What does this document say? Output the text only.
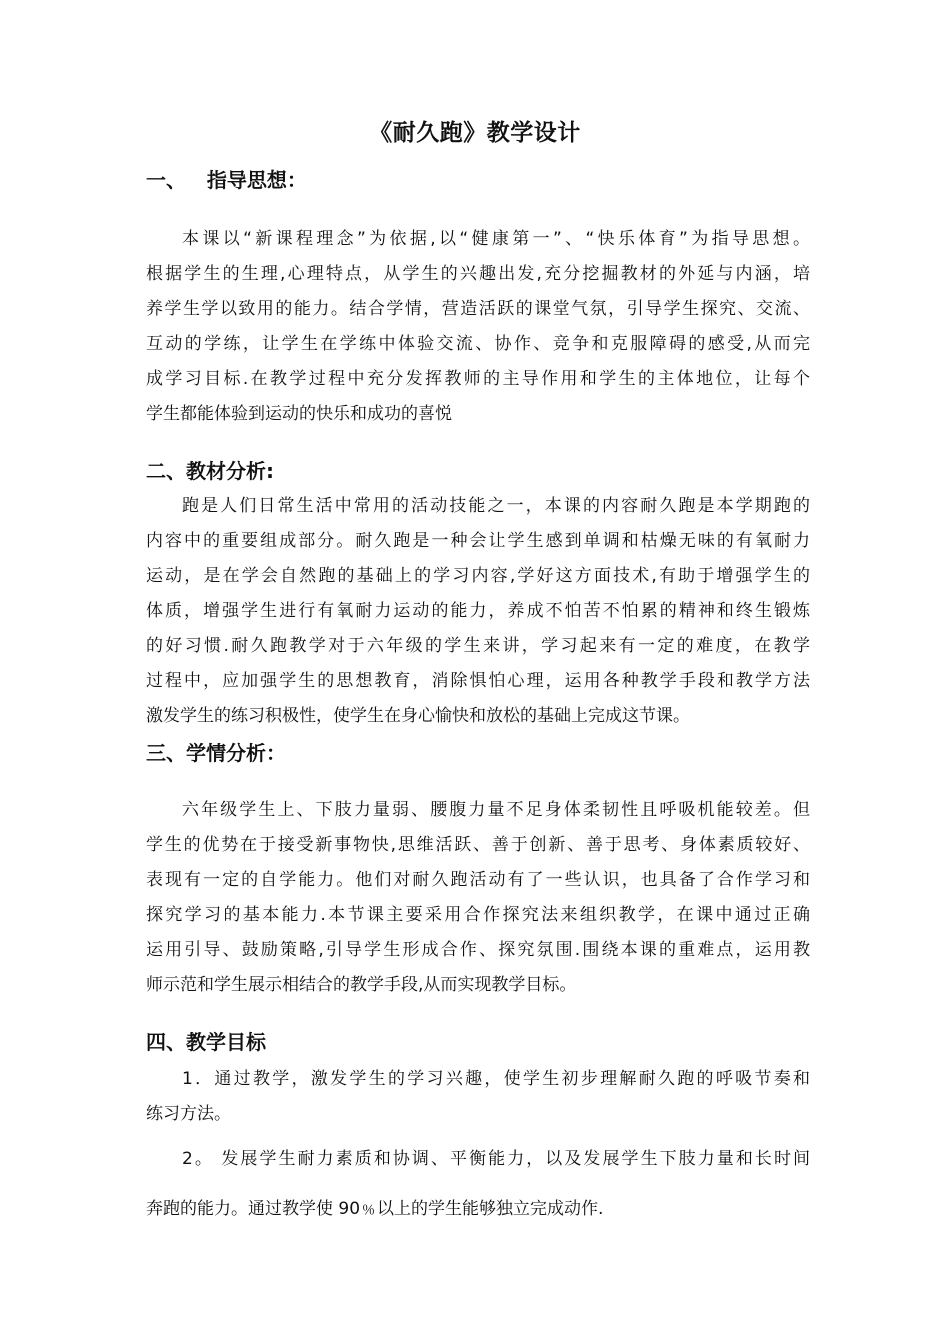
《耐久跑》教学设计
一、   指导思想：
本课以“新课程理念”为依据,以“健康第一”、“快乐体育”为指导思想。
根据学生的生理,心理特点，从学生的兴趣出发,充分挖掘教材的外延与内涵，培
养学生学以致用的能力。结合学情，营造活跃的课堂气氛，引导学生探究、交流、
互动的学练，让学生在学练中体验交流、协作、竞争和克服障碍的感受,从而完
成学习目标.在教学过程中充分发挥教师的主导作用和学生的主体地位，让每个
学生都能体验到运动的快乐和成功的喜悦
二、教材分析:
跑是人们日常生活中常用的活动技能之一，本课的内容耐久跑是本学期跑的
内容中的重要组成部分。耐久跑是一种会让学生感到单调和枯燥无味的有氧耐力
运动，是在学会自然跑的基础上的学习内容,学好这方面技术,有助于增强学生的
体质，增强学生进行有氧耐力运动的能力，养成不怕苦不怕累的精神和终生锻炼
的好习惯.耐久跑教学对于六年级的学生来讲，学习起来有一定的难度，在教学
过程中，应加强学生的思想教育，消除惧怕心理，运用各种教学手段和教学方法
激发学生的练习积极性，使学生在身心愉快和放松的基础上完成这节课。
三、学情分析：
六年级学生上、下肢力量弱、腰腹力量不足身体柔韧性且呼吸机能较差。但
学生的优势在于接受新事物快,思维活跃、善于创新、善于思考、身体素质较好、
表现有一定的自学能力。他们对耐久跑活动有了一些认识，也具备了合作学习和
探究学习的基本能力.本节课主要采用合作探究法来组织教学，在课中通过正确
运用引导、鼓励策略,引导学生形成合作、探究氛围.围绕本课的重难点，运用教
师示范和学生展示相结合的教学手段,从而实现教学目标。
四、教学目标
1．通过教学，激发学生的学习兴趣，使学生初步理解耐久跑的呼吸节奏和
练习方法。
2。 发展学生耐力素质和协调、平衡能力，以及发展学生下肢力量和长时间
奔跑的能力。通过教学使 90﹪以上的学生能够独立完成动作.
